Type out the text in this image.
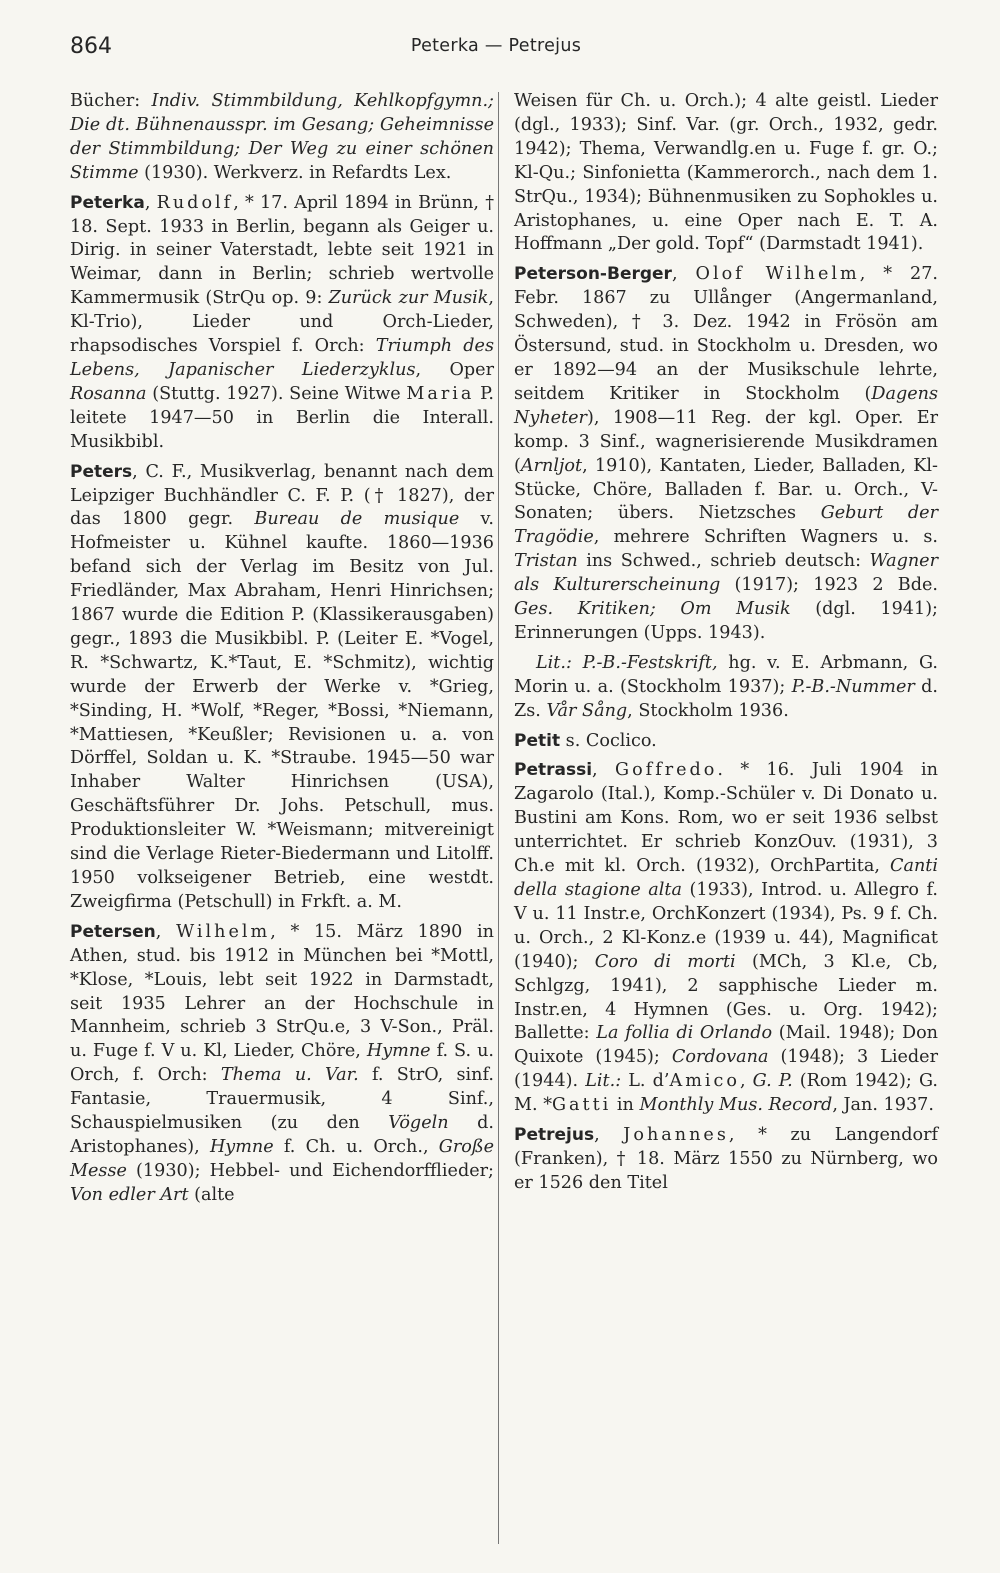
864	Peterka — Petrejus

Bücher: Indiv. Stimmbildung, Kehlkopfgymn.; Die dt. Bühnenausspr. im Gesang; Geheimnisse der Stimmbildung; Der Weg zu einer schönen Stimme (1930). Werkverz. in Refardts Lex.

Peterka, Rudolf, * 17. April 1894 in Brünn, † 18. Sept. 1933 in Berlin, begann als Geiger u. Dirig. in seiner Vaterstadt, lebte seit 1921 in Weimar, dann in Berlin; schrieb wertvolle Kammermusik (StrQu op. 9: Zurück zur Musik, Kl-Trio), Lieder und Orch-Lieder, rhapsodisches Vorspiel f. Orch: Triumph des Lebens, Japanischer Liederzyklus, Oper Rosanna (Stuttg. 1927). Seine Witwe Maria P. leitete 1947—50 in Berlin die Interall. Musikbibl.

Peters, C. F., Musikverlag, benannt nach dem Leipziger Buchhändler C. F. P. († 1827), der das 1800 gegr. Bureau de musique v. Hofmeister u. Kühnel kaufte. 1860—1936 befand sich der Verlag im Besitz von Jul. Friedländer, Max Abraham, Henri Hinrichsen; 1867 wurde die Edition P. (Klassikerausgaben) gegr., 1893 die Musikbibl. P. (Leiter E. *Vogel, R. *Schwartz, K.*Taut, E. *Schmitz), wichtig wurde der Erwerb der Werke v. *Grieg, *Sinding, H. *Wolf, *Reger, *Bossi, *Niemann, *Mattiesen, *Keußler; Revisionen u. a. von Dörffel, Soldan u. K. *Straube. 1945—50 war Inhaber Walter Hinrichsen (USA), Geschäftsführer Dr. Johs. Petschull, mus. Produktionsleiter W. *Weismann; mitvereinigt sind die Verlage Rieter-Biedermann und Litolff. 1950 volkseigener Betrieb, eine westdt. Zweigfirma (Petschull) in Frkft. a. M.

Petersen, Wilhelm, * 15. März 1890 in Athen, stud. bis 1912 in München bei *Mottl, *Klose, *Louis, lebt seit 1922 in Darmstadt, seit 1935 Lehrer an der Hochschule in Mannheim, schrieb 3 StrQu.e, 3 V-Son., Präl. u. Fuge f. V u. Kl, Lieder, Chöre, Hymne f. S. u. Orch, f. Orch: Thema u. Var. f. StrO, sinf. Fantasie, Trauermusik, 4 Sinf., Schauspielmusiken (zu den Vögeln d. Aristophanes), Hymne f. Ch. u. Orch., Große Messe (1930); Hebbel- und Eichendorfflieder; Von edler Art (alte

Weisen für Ch. u. Orch.); 4 alte geistl. Lieder (dgl., 1933); Sinf. Var. (gr. Orch., 1932, gedr. 1942); Thema, Verwandlg.en u. Fuge f. gr. O.; Kl-Qu.; Sinfonietta (Kammerorch., nach dem 1. StrQu., 1934); Bühnenmusiken zu Sophokles u. Aristophanes, u. eine Oper nach E. T. A. Hoffmann „Der gold. Topf“ (Darmstadt 1941).

Peterson-Berger, Olof Wilhelm, * 27. Febr. 1867 zu Ullånger (Angermanland, Schweden), † 3. Dez. 1942 in Frösön am Östersund, stud. in Stockholm u. Dresden, wo er 1892—94 an der Musikschule lehrte, seitdem Kritiker in Stockholm (Dagens Nyheter), 1908—11 Reg. der kgl. Oper. Er komp. 3 Sinf., wagnerisierende Musikdramen (Arnljot, 1910), Kantaten, Lieder, Balladen, Kl-Stücke, Chöre, Balladen f. Bar. u. Orch., V-Sonaten; übers. Nietzsches Geburt der Tragödie, mehrere Schriften Wagners u. s. Tristan ins Schwed., schrieb deutsch: Wagner als Kulturerscheinung (1917); 1923 2 Bde. Ges. Kritiken; Om Musik (dgl. 1941); Erinnerungen (Upps. 1943).

Lit.: P.-B.-Festskrift, hg. v. E. Arbmann, G. Morin u. a. (Stockholm 1937); P.-B.-Nummer d. Zs. Vår Sång, Stockholm 1936.

Petit s. Coclico.

Petrassi, Goffredo. * 16. Juli 1904 in Zagarolo (Ital.), Komp.-Schüler v. Di Donato u. Bustini am Kons. Rom, wo er seit 1936 selbst unterrichtet. Er schrieb KonzOuv. (1931), 3 Ch.e mit kl. Orch. (1932), OrchPartita, Canti della stagione alta (1933), Introd. u. Allegro f. V u. 11 Instr.e, OrchKonzert (1934), Ps. 9 f. Ch. u. Orch., 2 Kl-Konz.e (1939 u. 44), Magnificat (1940); Coro di morti (MCh, 3 Kl.e, Cb, Schlgzg, 1941), 2 sapphische Lieder m. Instr.en, 4 Hymnen (Ges. u. Org. 1942); Ballette: La follia di Orlando (Mail. 1948); Don Quixote (1945); Cordovana (1948); 3 Lieder (1944). Lit.: L. d’Amico, G. P. (Rom 1942); G. M. *Gatti in Monthly Mus. Record, Jan. 1937.

Petrejus, Johannes, * zu Langendorf (Franken), † 18. März 1550 zu Nürnberg, wo er 1526 den Titel
